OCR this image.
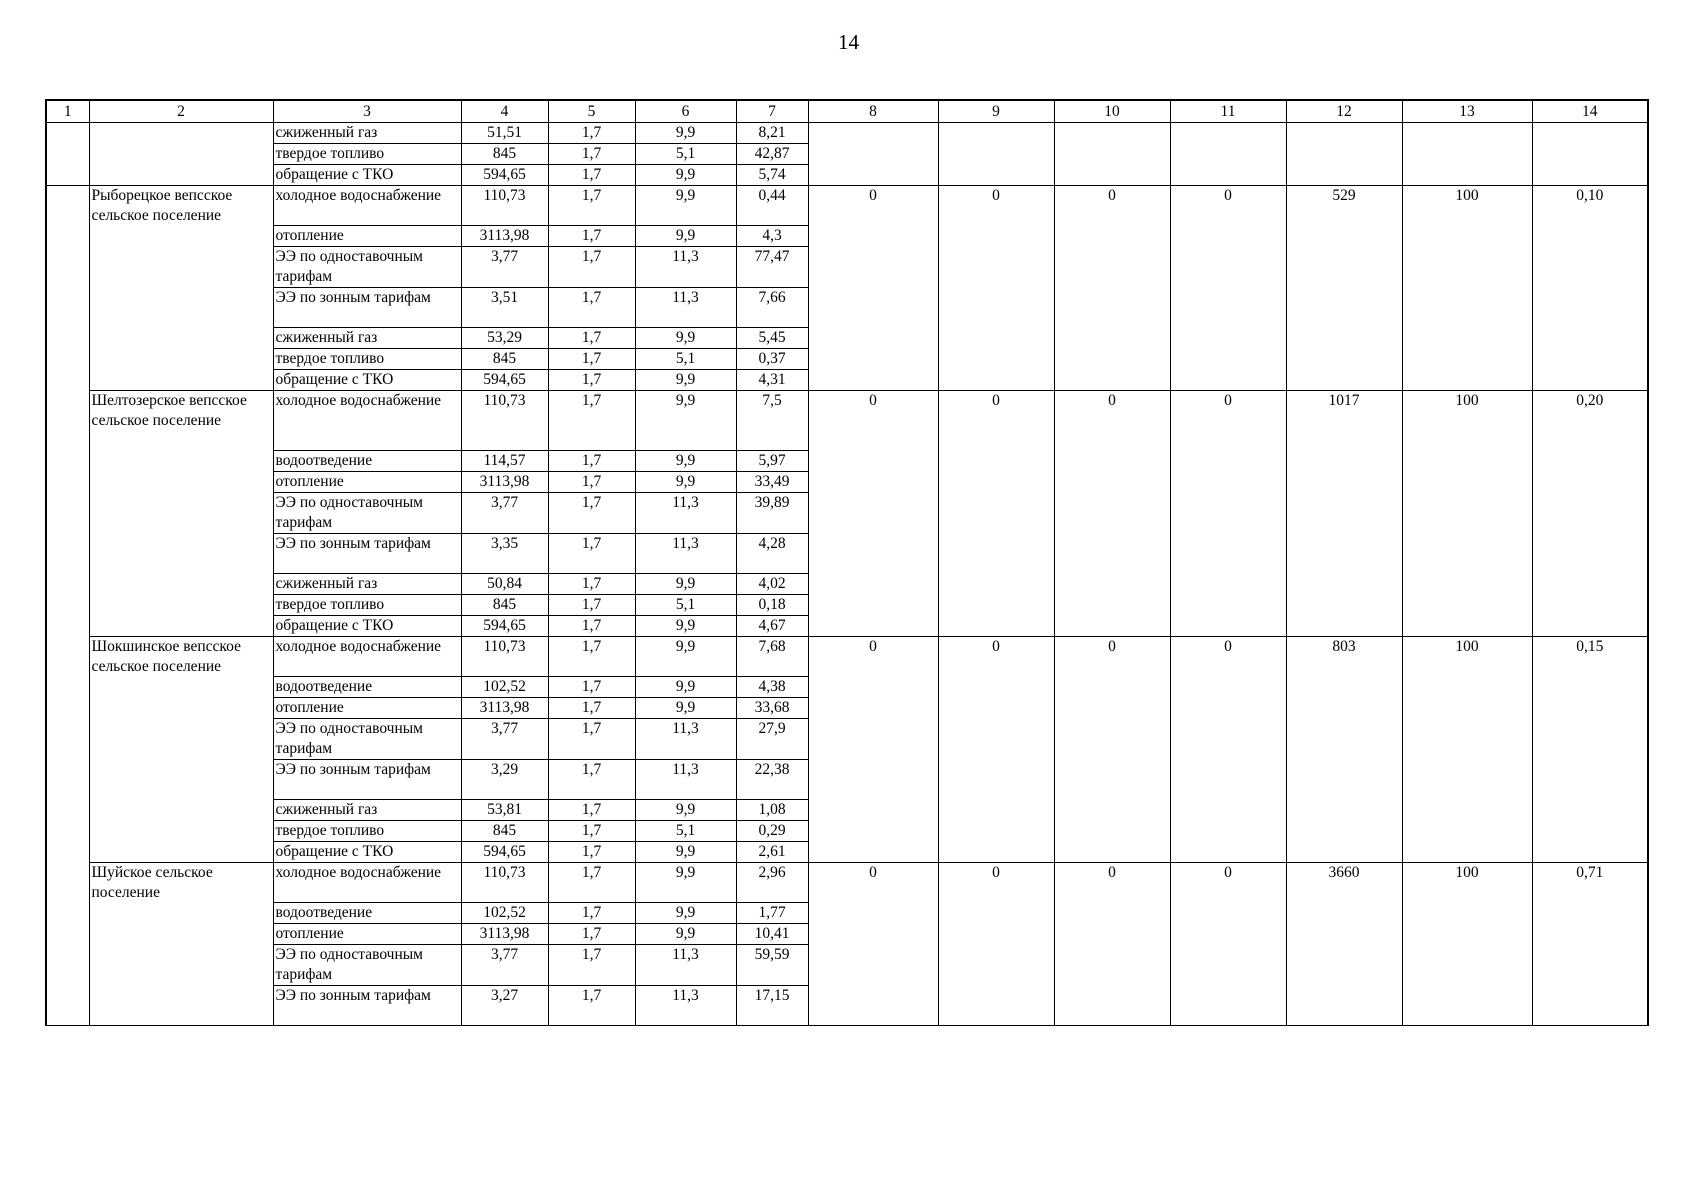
14
1	2	3	4	5	6	7	8	9	10	11	12	13	14
		сжиженный газ	51,51	1,7	9,9	8,21							
		твердое топливо	845	1,7	5,1	42,87							
		обращение с ТКО	594,65	1,7	9,9	5,74							
	Рыборецкое вепсское сельское поселение	холодное водоснабжение	110,73	1,7	9,9	0,44	0	0	0	0	529	100	0,10
		отопление	3113,98	1,7	9,9	4,3							
		ЭЭ по одноставочным тарифам	3,77	1,7	11,3	77,47							
		ЭЭ по зонным тарифам	3,51	1,7	11,3	7,66							
		сжиженный газ	53,29	1,7	9,9	5,45							
		твердое топливо	845	1,7	5,1	0,37							
		обращение с ТКО	594,65	1,7	9,9	4,31							
	Шелтозерское вепсское сельское поселение	холодное водоснабжение	110,73	1,7	9,9	7,5	0	0	0	0	1017	100	0,20
		водоотведение	114,57	1,7	9,9	5,97							
		отопление	3113,98	1,7	9,9	33,49							
		ЭЭ по одноставочным тарифам	3,77	1,7	11,3	39,89							
		ЭЭ по зонным тарифам	3,35	1,7	11,3	4,28							
		сжиженный газ	50,84	1,7	9,9	4,02							
		твердое топливо	845	1,7	5,1	0,18							
		обращение с ТКО	594,65	1,7	9,9	4,67							
	Шокшинское вепсское сельское поселение	холодное водоснабжение	110,73	1,7	9,9	7,68	0	0	0	0	803	100	0,15
		водоотведение	102,52	1,7	9,9	4,38							
		отопление	3113,98	1,7	9,9	33,68							
		ЭЭ по одноставочным тарифам	3,77	1,7	11,3	27,9							
		ЭЭ по зонным тарифам	3,29	1,7	11,3	22,38							
		сжиженный газ	53,81	1,7	9,9	1,08							
		твердое топливо	845	1,7	5,1	0,29							
		обращение с ТКО	594,65	1,7	9,9	2,61							
	Шуйское сельское поселение	холодное водоснабжение	110,73	1,7	9,9	2,96	0	0	0	0	3660	100	0,71
		водоотведение	102,52	1,7	9,9	1,77							
		отопление	3113,98	1,7	9,9	10,41							
		ЭЭ по одноставочным тарифам	3,77	1,7	11,3	59,59							
		ЭЭ по зонным тарифам	3,27	1,7	11,3	17,15							
